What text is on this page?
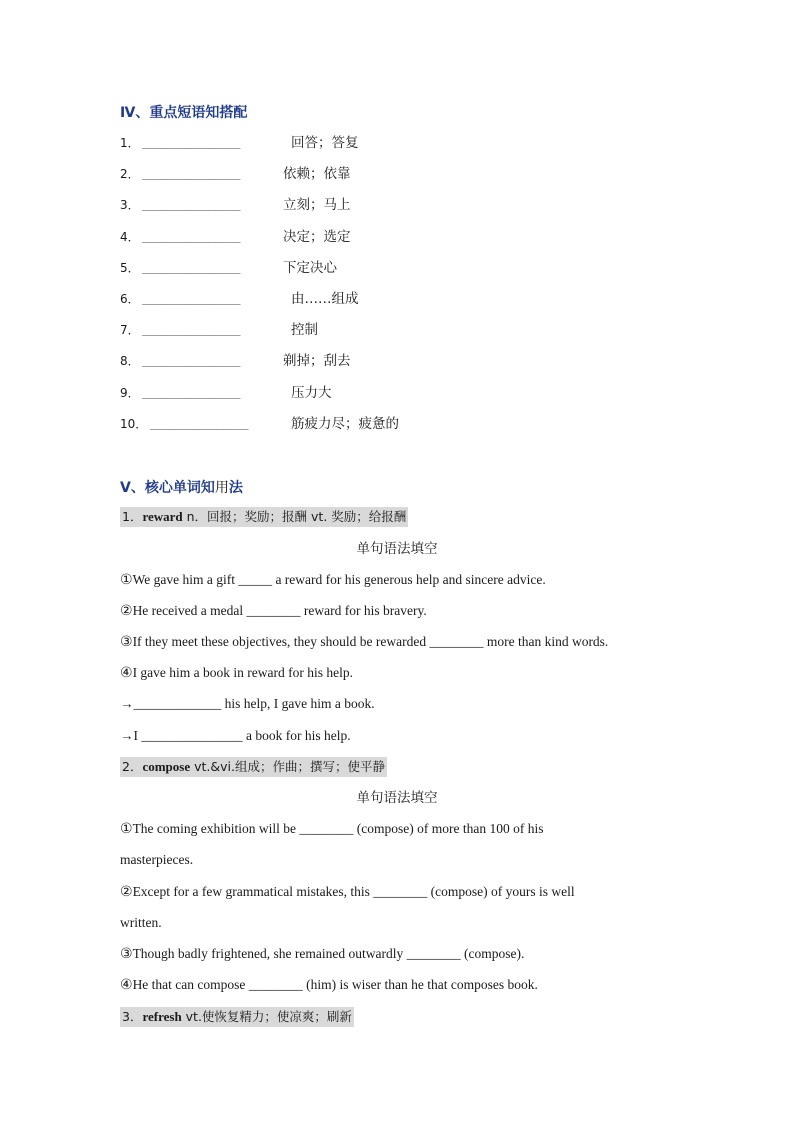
Ⅳ、重点短语知搭配
1． ________________	回答；答复
2． ________________	依赖；依靠
3． ________________	立刻；马上
4． ________________	决定；选定
5． ________________	下定决心
6． ________________	由……组成
7． ________________	控制
8． ________________	剃掉；刮去
9． ________________	压力大
10． ________________	筋疲力尽；疲惫的
Ⅴ、核心单词知用法
1．reward n．回报；奖励；报酬 vt. 奖励；给报酬
单句语法填空
①We gave him a gift _____ a reward for his generous help and sincere advice.
②He received a medal ________ reward for his bravery.
③If they meet these objectives, they should be rewarded ________ more than kind words.
④I gave him a book in reward for his help.
→_____________ his help, I gave him a book.
→I _______________ a book for his help.
2．compose vt.&vi.组成；作曲；撰写；使平静
单句语法填空
①The coming exhibition will be ________ (compose) of more than 100 of his
masterpieces.
②Except for a few grammatical mistakes, this ________ (compose) of yours is well
written.
③Though badly frightened, she remained outwardly ________ (compose).
④He that can compose ________ (him) is wiser than he that composes book.
3．refresh vt.使恢复精力；使凉爽；刷新
